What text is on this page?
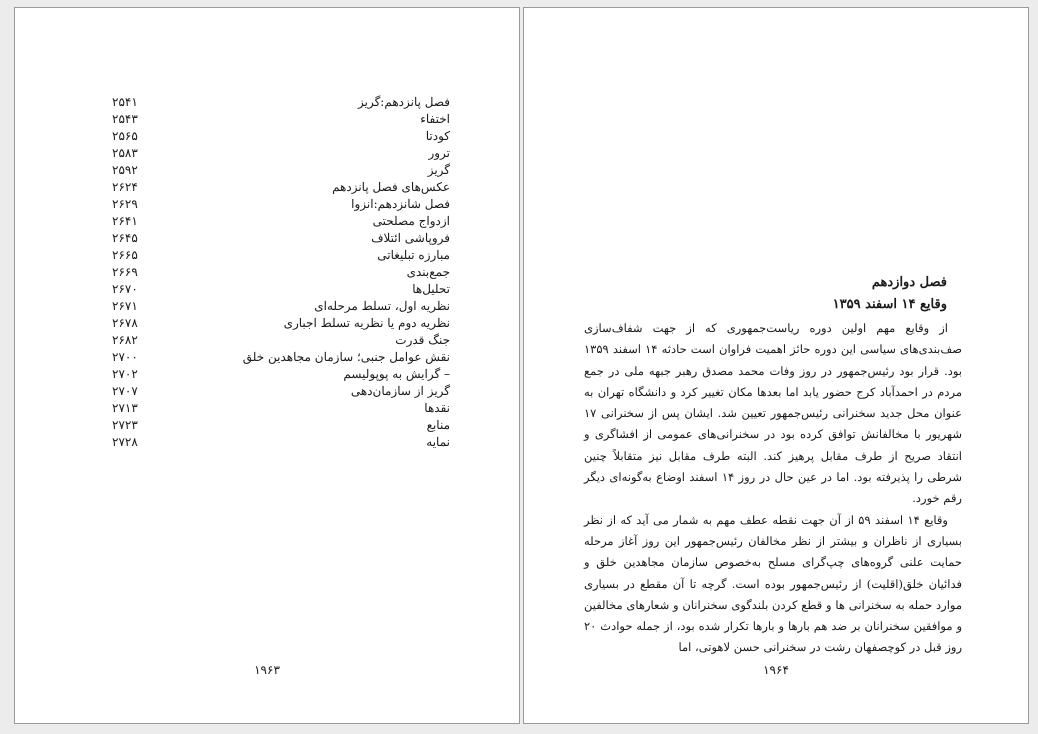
فصل پانزدهم:گریز
۲۵۴۱
اختفاء
۲۵۴۳
کودتا
۲۵۶۵
ترور
۲۵۸۳
گریز
۲۵۹۲
عکس‌های فصل پانزدهم
۲۶۲۴
فصل شانزدهم:انزوا
۲۶۲۹
ازدواج مصلحتی
۲۶۴۱
فروپاشی ائتلاف
۲۶۴۵
مبارزه تبلیغاتی
۲۶۶۵
جمع‌بندی
۲۶۶۹
تحلیل‌ها
۲۶۷۰
نظریه اول، تسلط مرحله‌ای
۲۶۷۱
نظریه دوم یا نظریه تسلط اجباری
۲۶۷۸
جنگ قدرت
۲۶۸۲
نقش عوامل جنبی؛ سازمان مجاهدین خلق
۲۷۰۰
– گرایش به پوپولیسم
۲۷۰۲
گریز از سازمان‌دهی
۲۷۰۷
نقدها
۲۷۱۳
منابع
۲۷۲۳
نمایه
۲۷۲۸
۱۹۶۳
فصل دوازدهم
وقایع ۱۴ اسفند ۱۳۵۹

از وقایع مهم اولین دوره ریاست‌جمهوری که از جهت شفاف‌سازی صف‌بندی‌های سیاسی این دوره حائز اهمیت فراوان است حادثه ۱۴ اسفند ۱۳۵۹ بود. قرار بود رئیس‌جمهور در روز وفات محمد مصدق رهبر جبهه ملی در جمع مردم در احمدآباد کرج حضور یابد اما بعدها مکان تغییر کرد و دانشگاه تهران به عنوان محل جدید سخنرانی رئیس‌جمهور تعیین شد. ایشان پس از سخنرانی ۱۷ شهریور با مخالفانش توافق کرده بود در سخنرانی‌های عمومی از افشاگری و انتقاد صریح از طرف مقابل پرهیز کند. البته طرف مقابل نیز متقابلاً چنین شرطی را پذیرفته بود. اما در عین حال در روز ۱۴ اسفند اوضاع به‌گونه‌ای دیگر رقم خورد.

وقایع ۱۴ اسفند ۵۹ از آن جهت نقطه عطف مهم به شمار می آید که از نظر بسیاری از ناظران و بیشتر از نظر مخالفان رئیس‌جمهور این روز آغاز مرحله حمایت علنی گروه‌های چپ‌گرای مسلح به‌خصوص سازمان مجاهدین خلق و فدائیان خلق(اقلیت) از رئیس‌جمهور بوده است. گرچه تا آن مقطع در بسیاری موارد حمله به سخنرانی ها و قطع کردن بلندگوی سخنرانان و شعارهای مخالفین و موافقین سخنرانان بر ضد هم بارها و بارها تکرار شده بود، از جمله حوادث ۲۰ روز قبل در کوچصفهان رشت در سخنرانی حسن لاهوتی، اما

۱۹۶۴
